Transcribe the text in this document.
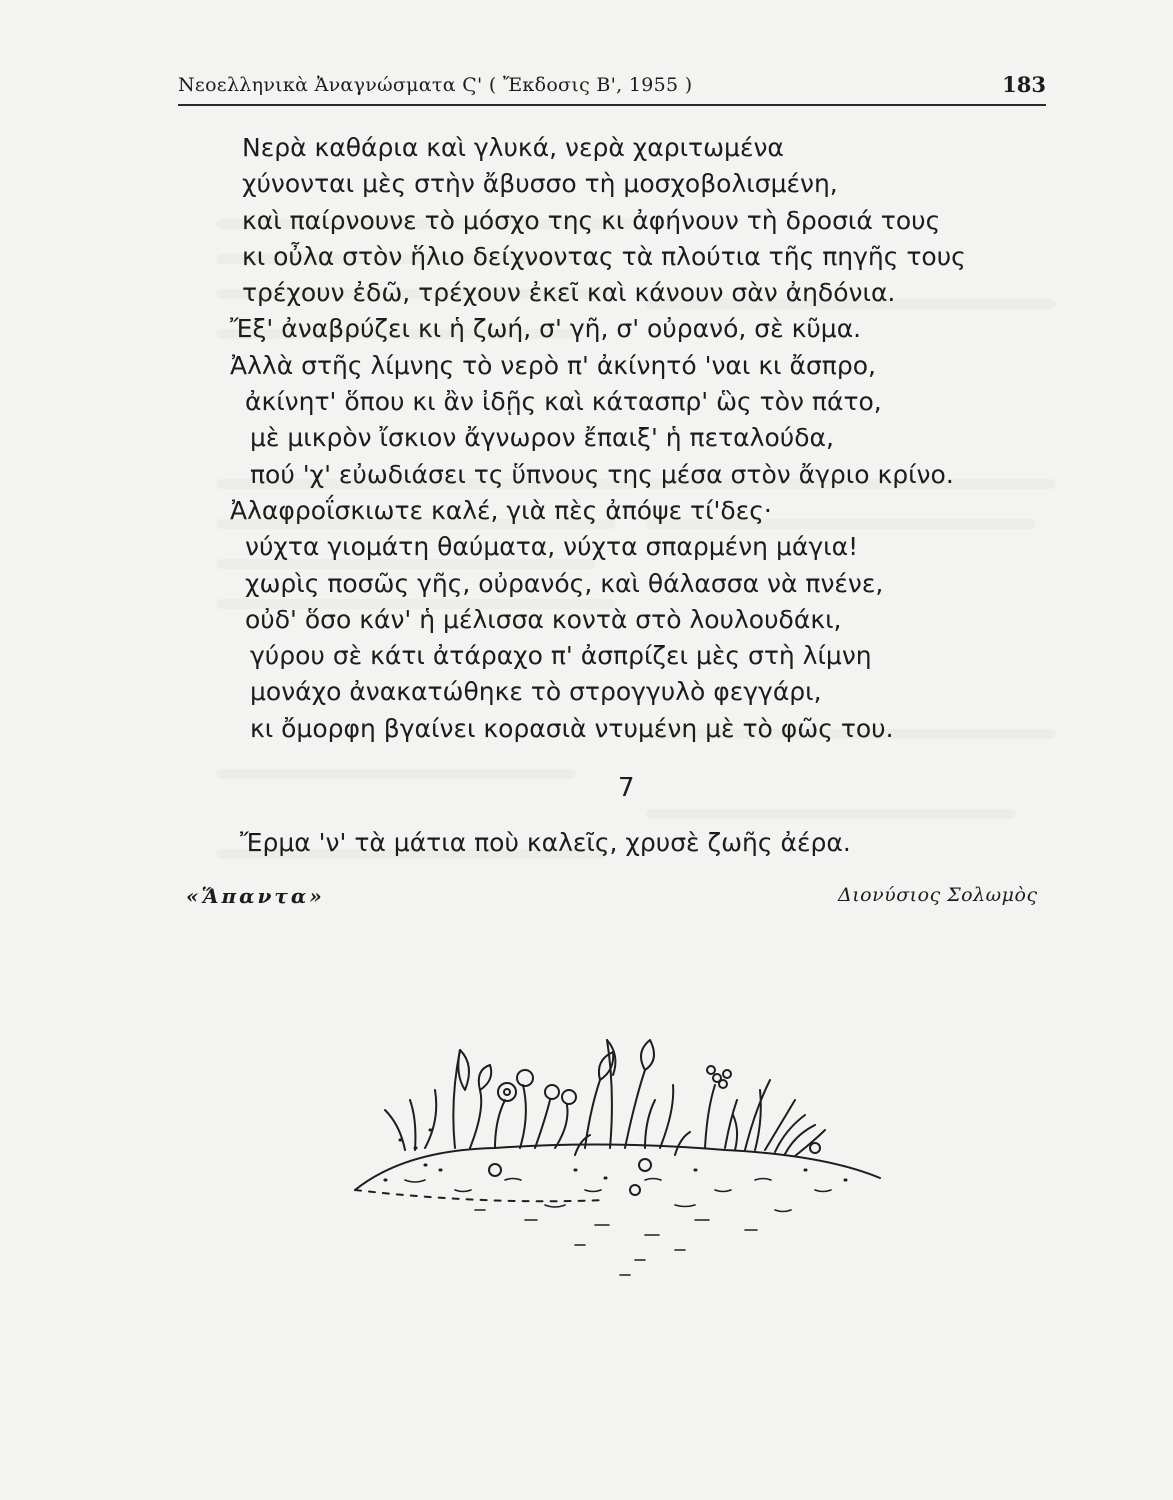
Νεοελληνικὰ Ἀναγνώσματα Ϛ' ( Ἔκδοσις Β', 1955 )	183
Νερὰ καθάρια καὶ γλυκά, νερὰ χαριτωμένα
χύνονται μὲς στὴν ἄβυσσο τὴ μοσχοβολισμένη,
καὶ παίρνουνε τὸ μόσχο της κι ἀφήνουν τὴ δροσιά τους
κι οὖλα στὸν ἥλιο δείχνοντας τὰ πλούτια τῆς πηγῆς τους
τρέχουν ἐδῶ, τρέχουν ἐκεῖ καὶ κάνουν σὰν ἀηδόνια.
Ἔξ' ἀναβρύζει κι ἡ ζωή, σ' γῆ, σ' οὐρανό, σὲ κῦμα.
Ἀλλὰ στῆς λίμνης τὸ νερὸ π' ἀκίνητό 'ναι κι ἄσπρο,
ἀκίνητ' ὅπου κι ἂν ἰδῇς καὶ κάτασπρ' ὣς τὸν πάτο,
μὲ μικρὸν ἴσκιον ἄγνωρον ἔπαιξ' ἡ πεταλούδα,
πού 'χ' εὐωδιάσει τς ὕπνους της μέσα στὸν ἄγριο κρίνο.
Ἀλαφροΐσκιωτε καλέ, γιὰ πὲς ἀπόψε τί'δες·
νύχτα γιομάτη θαύματα, νύχτα σπαρμένη μάγια!
χωρὶς ποσῶς γῆς, οὐρανός, καὶ θάλασσα νὰ πνένε,
οὐδ' ὅσο κάν' ἡ μέλισσα κοντὰ στὸ λουλουδάκι,
γύρου σὲ κάτι ἀτάραχο π' ἀσπρίζει μὲς στὴ λίμνη
μονάχο ἀνακατώθηκε τὸ στρογγυλὸ φεγγάρι,
κι ὄμορφη βγαίνει κορασιὰ ντυμένη μὲ τὸ φῶς του.
7
Ἔρμα 'ν' τὰ μάτια ποὺ καλεῖς, χρυσὲ ζωῆς ἀέρα.
«Ἅπαντα»	Διονύσιος Σολωμὸς
